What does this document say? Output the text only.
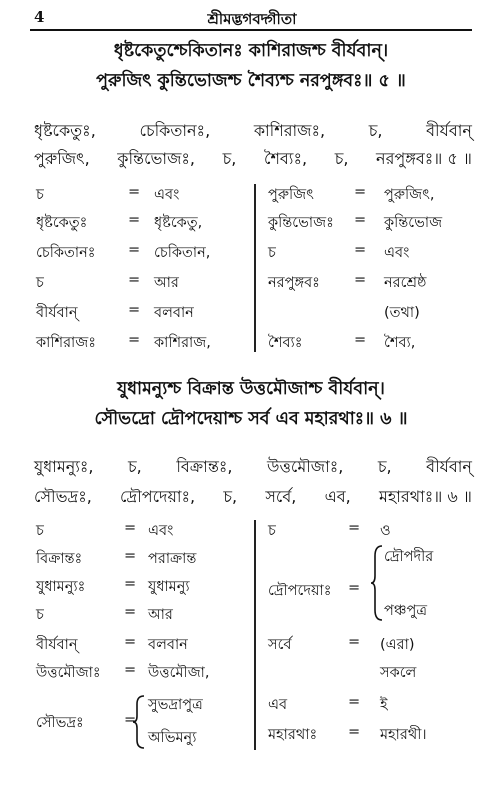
4	শ্রীমদ্ভগবদ্গীতা
ধৃষ্টকেতুশ্চেকিতানঃ কাশিরাজশ্চ বীর্যবান্।
পুরুজিৎ কুন্তিভোজশ্চ শৈব্যশ্চ নরপুঙ্গবঃ॥ ৫ ॥
ধৃষ্টকেতুঃ,	চেকিতানঃ,	কাশিরাজঃ,	চ,	বীর্যবান্
পুরুজিৎ, কুন্তিভোজঃ, চ, শৈব্যঃ, চ, নরপুঙ্গবঃ॥ ৫ ॥
চ	= এবং
ধৃষ্টকেতুঃ	= ধৃষ্টকেতু,
চেকিতানঃ = চেকিতান,
চ	= আর
বীর্যবান্	= বলবান
কাশিরাজঃ = কাশিরাজ,
পুরুজিৎ	= পুরুজিৎ,
কুন্তিভোজঃ = কুন্তিভোজ
চ	= এবং
নরপুঙ্গবঃ = নরশ্রেষ্ঠ
(তথা)
শৈব্যঃ	= শৈব্য,
যুধামন্যুশ্চ বিক্রান্ত উত্তমৌজাশ্চ বীর্যবান্।
সৌভদ্রো দ্রৌপদেয়াশ্চ সর্ব এব মহারথাঃ॥ ৬ ॥
যুধামন্যুঃ, চ, বিক্রান্তঃ, উত্তমৌজাঃ, চ, বীর্যবান্
সৌভদ্রঃ, দ্রৌপদেয়াঃ, চ, সর্বে, এব, মহারথাঃ॥ ৬ ॥
চ	= এবং
বিক্রান্তঃ	= পরাক্রান্ত
যুধামন্যুঃ	= যুধামন্যু
চ	= আর
বীর্যবান্	= বলবান
উত্তমৌজাঃ = উত্তমৌজা,
সৌভদ্রঃ	=
সুভদ্রাপুত্র
অভিমন্যু
চ	= ও
দ্রৌপদেয়াঃ =
দ্রৌপদীর
পঞ্চপুত্র
সর্বে	= (এরা)
সকলে
এব	= ই
মহারথাঃ = মহারথী।
